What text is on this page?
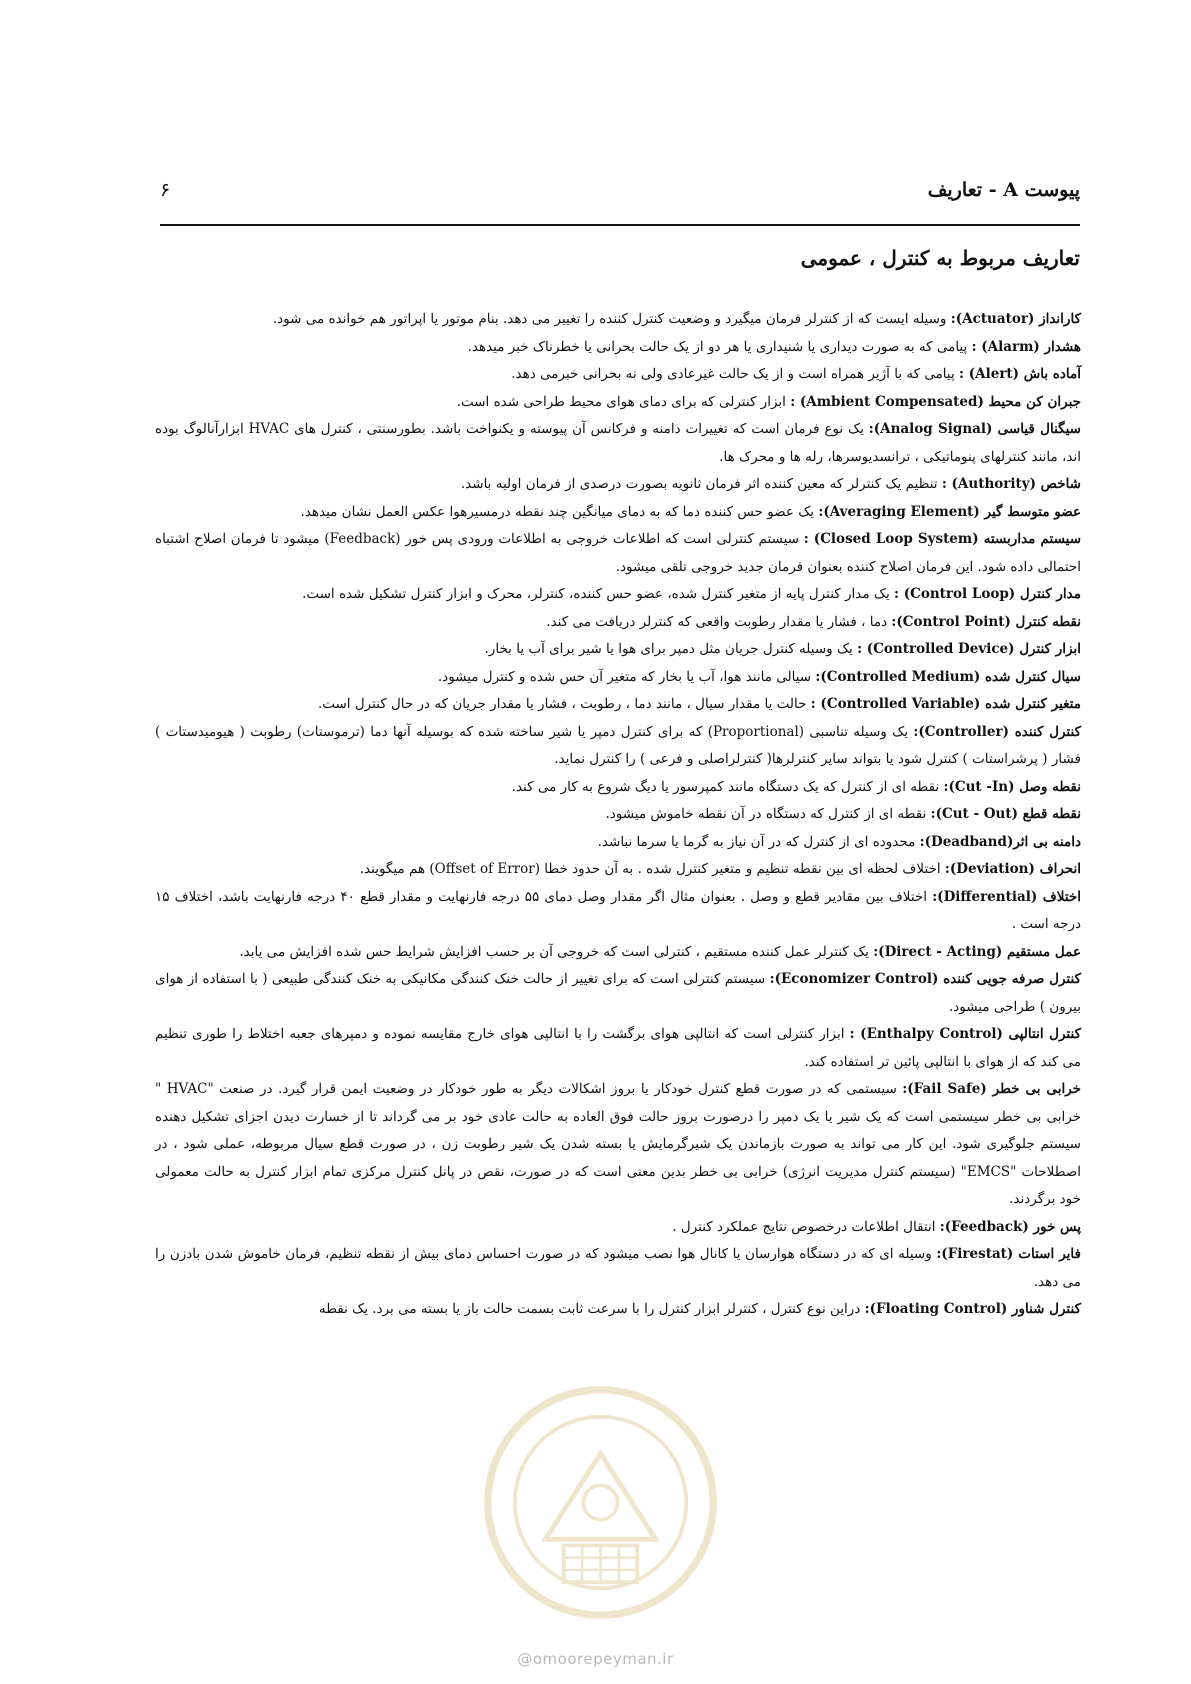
پیوست A - تعاریف
۶
تعاریف مربوط به کنترل ، عمومی

کارانداز (Actuator): وسیله ایست که از کنترلر فرمان میگیرد و وضعیت کنترل کننده را تغییر می دهد. بنام موتور یا اپراتور هم خوانده می شود.

هشدار (Alarm) : پیامی که به صورت دیداری یا شنیداری یا هر دو از یک حالت بحرانی یا خطرناک خبر میدهد.

آماده باش (Alert) : پیامی که با آژیر همراه است و از یک حالت غیرعادی ولی نه بحرانی خبرمی دهد.

جبران کن محیط (Ambient Compensated) : ابزار کنترلی که برای دمای هوای محیط طراحی شده است.

سیگنال قیاسی (Analog Signal): یک نوع فرمان است که تغییرات دامنه و فرکانس آن پیوسته و یکنواخت باشد. بطورسنتی ، کنترل های HVAC ابزارآنالوگ بوده اند، مانند کنترلهای پنوماتیکی ، ترانسدیوسرها، رله ها و محرک ها.

شاخص (Authority) : تنظیم یک کنترلر که معین کننده اثر فرمان ثانویه بصورت درصدی از فرمان اولیه باشد.

عضو متوسط گیر (Averaging Element): یک عضو حس کننده دما که به دمای میانگین چند نقطه درمسیرهوا عکس العمل نشان میدهد.

سیستم مداربسته (Closed Loop System) : سیستم کنترلی است که اطلاعات خروجی به اطلاعات ورودی پس خور (Feedback) میشود تا فرمان اصلاح اشتباه احتمالی داده شود. این فرمان اصلاح کننده بعنوان فرمان جدید خروجی تلقی میشود.

مدار کنترل (Control Loop) : یک مدار کنترل پایه از متغیر کنترل شده، عضو حس کننده، کنترلر، محرک و ابزار کنترل تشکیل شده است.

نقطه کنترل (Control Point): دما ، فشار یا مقدار رطوبت واقعی که کنترلر دریافت می کند.

ابزار کنترل (Controlled Device) : یک وسیله کنترل جریان مثل دمپر برای هوا یا شیر برای آب یا بخار.

سیال کنترل شده (Controlled Medium): سیالی مانند هوا، آب یا بخار که متغیر آن حس شده و کنترل میشود.

متغیر کنترل شده (Controlled Variable) : حالت یا مقدار سیال ، مانند دما ، رطوبت ، فشار یا مقدار جریان که در حال کنترل است.

کنترل کننده (Controller): یک وسیله تناسبی (Proportional) که برای کنترل دمپر یا شیر ساخته شده که بوسیله آنها دما (ترموستات) رطوبت ( هیومیدستات ) فشار ( پرشراستات ) کنترل شود یا بتواند سایر کنترلرها( کنترلراصلی و فرعی ) را کنترل نماید.

نقطه وصل (Cut -In): نقطه ای از کنترل که یک دستگاه مانند کمپرسور یا دیگ شروع به کار می کند.

نقطه قطع (Cut - Out): نقطه ای از کنترل که دستگاه در آن نقطه خاموش میشود.

دامنه بی اثر(Deadband): محدوده ای از کنترل که در آن نیاز به گرما یا سرما نباشد.

انحراف (Deviation): اختلاف لحظه ای بین نقطه تنظیم و متغیر کنترل شده . به آن حدود خطا (Offset of Error) هم میگویند.

اختلاف (Differential): اختلاف بین مقادیر قطع و وصل . بعنوان مثال اگر مقدار وصل دمای ۵۵ درجه فارنهایت و مقدار قطع ۴۰ درجه فارنهایت باشد، اختلاف ۱۵ درجه است .

عمل مستقیم (Direct - Acting): یک کنترلر عمل کننده مستقیم ، کنترلی است که خروجی آن بر حسب افزایش شرایط حس شده افزایش می یابد.

کنترل صرفه جویی کننده (Economizer Control): سیستم کنترلی است که برای تغییر از حالت خنک کنندگی مکانیکی به خنک کنندگی طبیعی ( با استفاده از هوای بیرون ) طراحی میشود.

کنترل انتالپی (Enthalpy Control) : ابزار کنترلی است که انتالپی هوای برگشت را با انتالپی هوای خارج مقایسه نموده و دمپرهای جعبه اختلاط را طوری تنظیم می کند که از هوای با انتالپی پائین تر استفاده کند.

خرابی بی خطر (Fail Safe): سیستمی که در صورت قطع کنترل خودکار یا بروز اشکالات دیگر به طور خودکار در وضعیت ایمن قرار گیرد. در صنعت "HVAC " خرابی بی خطر سیستمی است که یک شیر یا یک دمپر را درصورت بروز حالت فوق العاده به حالت عادی خود بر می گرداند تا از خسارت دیدن اجزای تشکیل دهنده سیستم جلوگیری شود. این کار می تواند به صورت بازماندن یک شیرگرمایش یا بسته شدن یک شیر رطوبت زن ، در صورت قطع سیال مربوطه، عملی شود ، در اصطلاحات "EMCS" (سیستم کنترل مدیریت انرژی) خرابی بی خطر بدین معنی است که در صورت، نقص در پانل کنترل مرکزی تمام ابزار کنترل به حالت معمولی خود برگردند.

پس خور (Feedback): انتقال اطلاعات درخصوص نتایج عملکرد کنترل .

فایر استات (Firestat): وسیله ای که در دستگاه هوارسان یا کانال هوا نصب میشود که در صورت احساس دمای بیش از نقطه تنظیم، فرمان خاموش شدن بادزن را می دهد.

کنترل شناور (Floating Control): دراین نوع کنترل ، کنترلر ابزار کنترل را با سرعت ثابت بسمت حالت باز یا بسته می برد. یک نقطه

@omoorepeyman.ir
